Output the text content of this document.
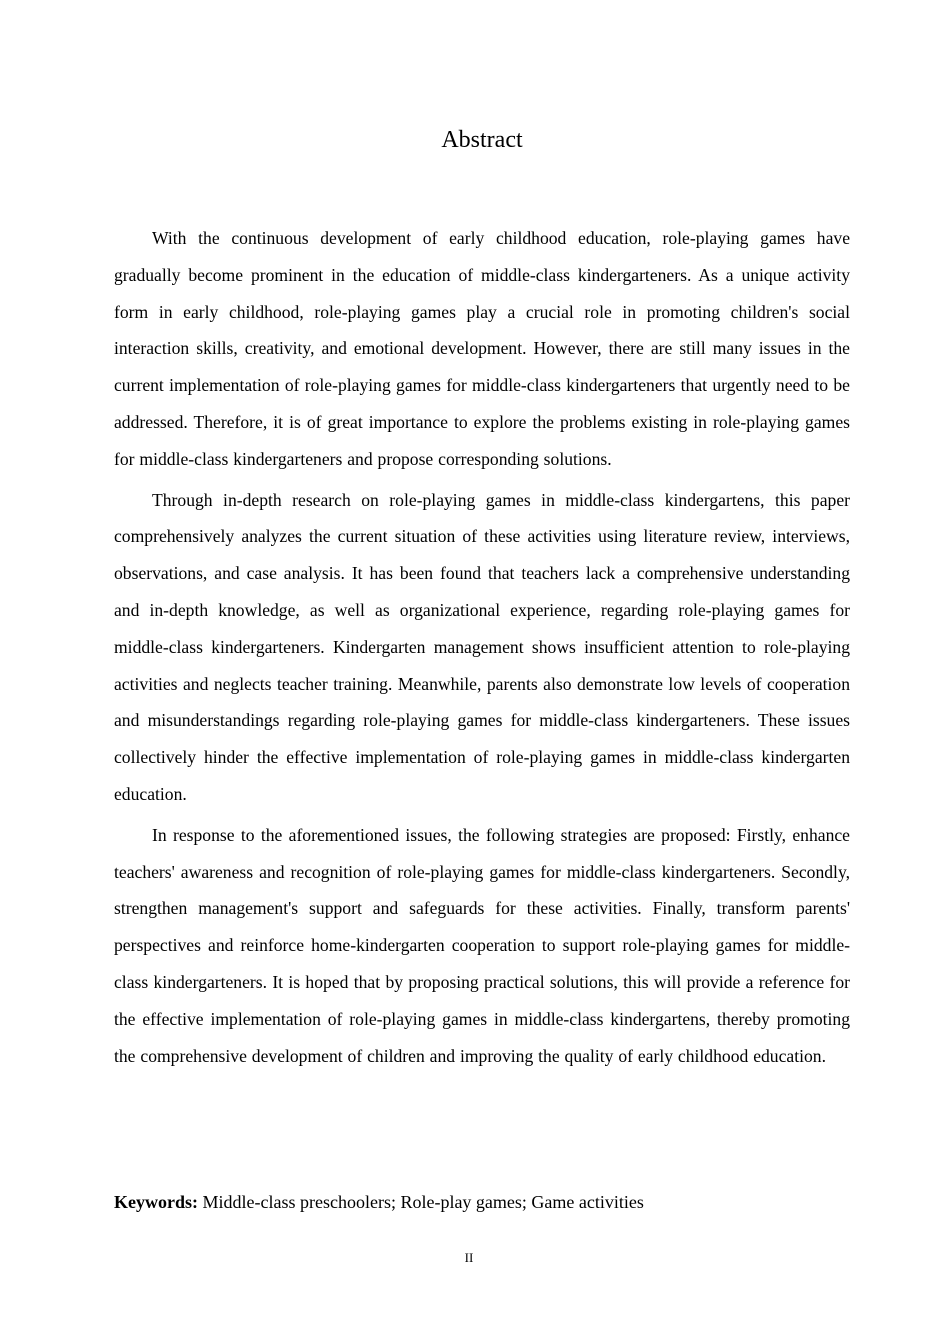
Abstract

With the continuous development of early childhood education, role-playing games have gradually become prominent in the education of middle-class kindergarteners. As a unique activity form in early childhood, role-playing games play a crucial role in promoting children's social interaction skills, creativity, and emotional development. However, there are still many issues in the current implementation of role-playing games for middle-class kindergarteners that urgently need to be addressed. Therefore, it is of great importance to explore the problems existing in role-playing games for middle-class kindergarteners and propose corresponding solutions.

Through in-depth research on role-playing games in middle-class kindergartens, this paper comprehensively analyzes the current situation of these activities using literature review, interviews, observations, and case analysis. It has been found that teachers lack a comprehensive understanding and in-depth knowledge, as well as organizational experience, regarding role-playing games for middle-class kindergarteners. Kindergarten management shows insufficient attention to role-playing activities and neglects teacher training. Meanwhile, parents also demonstrate low levels of cooperation and misunderstandings regarding role-playing games for middle-class kindergarteners. These issues collectively hinder the effective implementation of role-playing games in middle-class kindergarten education.

In response to the aforementioned issues, the following strategies are proposed: Firstly, enhance teachers' awareness and recognition of role-playing games for middle-class kindergarteners. Secondly, strengthen management's support and safeguards for these activities. Finally, transform parents' perspectives and reinforce home-kindergarten cooperation to support role-playing games for middle-class kindergarteners. It is hoped that by proposing practical solutions, this will provide a reference for the effective implementation of role-playing games in middle-class kindergartens, thereby promoting the comprehensive development of children and improving the quality of early childhood education.

Keywords: Middle-class preschoolers; Role-play games; Game activities

II
